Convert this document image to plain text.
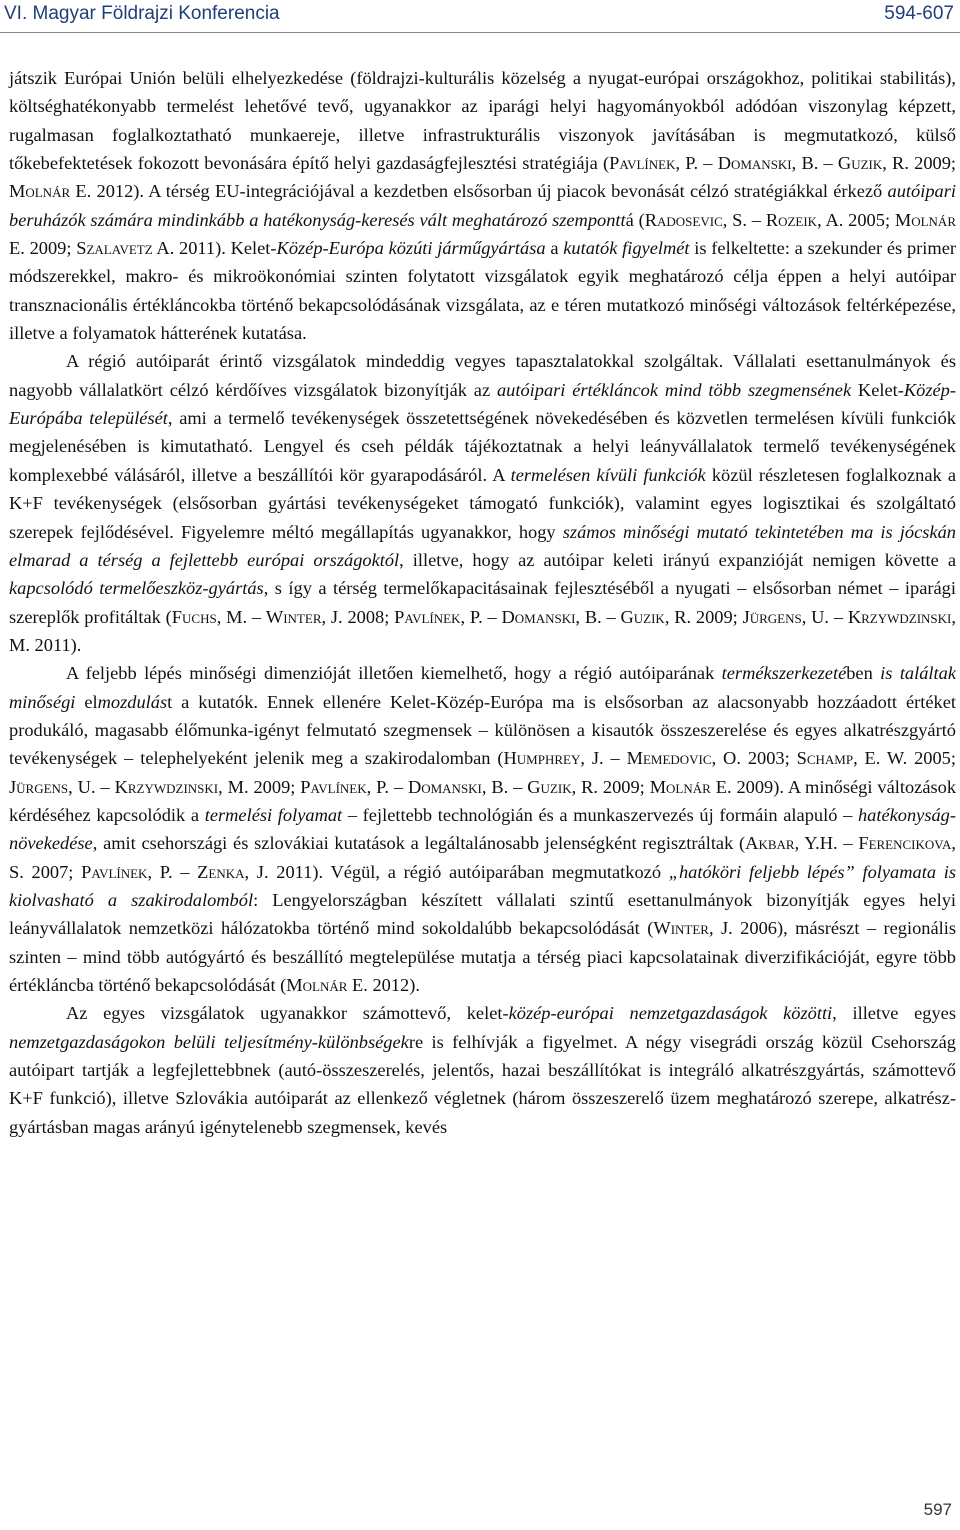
VI. Magyar Földrajzi Konferencia	594-607

játszik Európai Unión belüli elhelyezkedése (földrajzi-kulturális közelség a nyugat-európai országokhoz, politikai stabilitás), költséghatékonyabb termelést lehetővé tevő, ugyanakkor az iparági helyi hagyományokból adódóan viszonylag képzett, rugalmasan foglalkoztatható munkaereje, illetve infrastrukturális viszonyok javításában is megmutatkozó, külső tőkebefektetések fokozott bevonására építő helyi gazdaságfejlesztési stratégiája (Pavlínek, P. – Domanski, B. – Guzik, R. 2009; Molnár E. 2012). A térség EU-integrációjával a kezdetben elsősorban új piacok bevonását célzó stratégiákkal érkező autóipari beruházók számára mindinkább a hatékonyság-keresés vált meghatározó szemponttá (Radosevic, S. – Rozeik, A. 2005; Molnár E. 2009; Szalavetz A. 2011). Kelet-Közép-Európa közúti járműgyártása a kutatók figyelmét is felkeltette: a szekunder és primer módszerekkel, makro- és mikroökonómiai szinten folytatott vizsgálatok egyik meghatározó célja éppen a helyi autóipar transznacionális értékláncokba történő bekapcsolódásának vizsgálata, az e téren mutatkozó minőségi változások feltérképezése, illetve a folyamatok hátterének kutatása.

A régió autóiparát érintő vizsgálatok mindeddig vegyes tapasztalatokkal szolgáltak. Vállalati esettanulmányok és nagyobb vállalatkört célzó kérdőíves vizsgálatok bizonyítják az autóipari értékláncok mind több szegmensének Kelet-Közép-Európába települését, ami a termelő tevékenységek összetettségének növekedésében és közvetlen termelésen kívüli funkciók megjelenésében is kimutatható. Lengyel és cseh példák tájékoztatnak a helyi leányvállalatok termelő tevékenységének komplexebbé válásáról, illetve a beszállítói kör gyarapodásáról. A termelésen kívüli funkciók közül részletesen foglalkoznak a K+F tevékenységek (elsősorban gyártási tevékenységeket támogató funkciók), valamint egyes logisztikai és szolgáltató szerepek fejlődésével. Figyelemre méltó megállapítás ugyanakkor, hogy számos minőségi mutató tekintetében ma is jócskán elmarad a térség a fejlettebb európai országoktól, illetve, hogy az autóipar keleti irányú expanzióját nemigen követte a kapcsolódó termelőeszköz-gyártás, s így a térség termelőkapacitásainak fejlesztéséből a nyugati – elsősorban német – iparági szereplők profitáltak (Fuchs, M. – Winter, J. 2008; Pavlínek, P. – Domanski, B. – Guzik, R. 2009; Jürgens, U. – Krzywdzinski, M. 2011).

A feljebb lépés minőségi dimenzióját illetően kiemelhető, hogy a régió autóiparának termékszerkezetében is találtak minőségi elmozdulást a kutatók. Ennek ellenére Kelet-Közép-Európa ma is elsősorban az alacsonyabb hozzáadott értéket produkáló, magasabb élőmunka-igényt felmutató szegmensek – különösen a kisautók összeszerelése és egyes alkatrészgyártó tevékenységek – telephelyeként jelenik meg a szakirodalomban (Humphrey, J. – Memedovic, O. 2003; Schamp, E. W. 2005; Jürgens, U. – Krzywdzinski, M. 2009; Pavlínek, P. – Domanski, B. – Guzik, R. 2009; Molnár E. 2009). A minőségi változások kérdéséhez kapcsolódik a termelési folyamat – fejlettebb technológián és a munkaszervezés új formáin alapuló – hatékonyság-növekedése, amit csehországi és szlovákiai kutatások a legáltalánosabb jelenségként regisztráltak (Akbar, Y.H. – Ferencikova, S. 2007; Pavlínek, P. – Zenka, J. 2011). Végül, a régió autóiparában megmutatkozó „hatóköri feljebb lépés” folyamata is kiolvasható a szakirodalomból: Lengyelországban készített vállalati szintű esettanulmányok bizonyítják egyes helyi leányvállalatok nemzetközi hálózatokba történő mind sokoldalúbb bekapcsolódását (Winter, J. 2006), másrészt – regionális szinten – mind több autógyártó és beszállító megtelepülése mutatja a térség piaci kapcsolatainak diverzifikációját, egyre több értékláncba történő bekapcsolódását (Molnár E. 2012).

Az egyes vizsgálatok ugyanakkor számottevő, kelet-közép-európai nemzetgazdaságok közötti, illetve egyes nemzetgazdaságokon belüli teljesítmény-különbségekre is felhívják a figyelmet. A négy visegrádi ország közül Csehország autóipart tartják a legfejlettebbnek (autó-összeszerelés, jelentős, hazai beszállítókat is integráló alkatrészgyártás, számottevő K+F funkció), illetve Szlovákia autóiparát az ellenkező végletnek (három összeszerelő üzem meghatározó szerepe, alkatrész-gyártásban magas arányú igénytelenebb szegmensek, kevés

597
